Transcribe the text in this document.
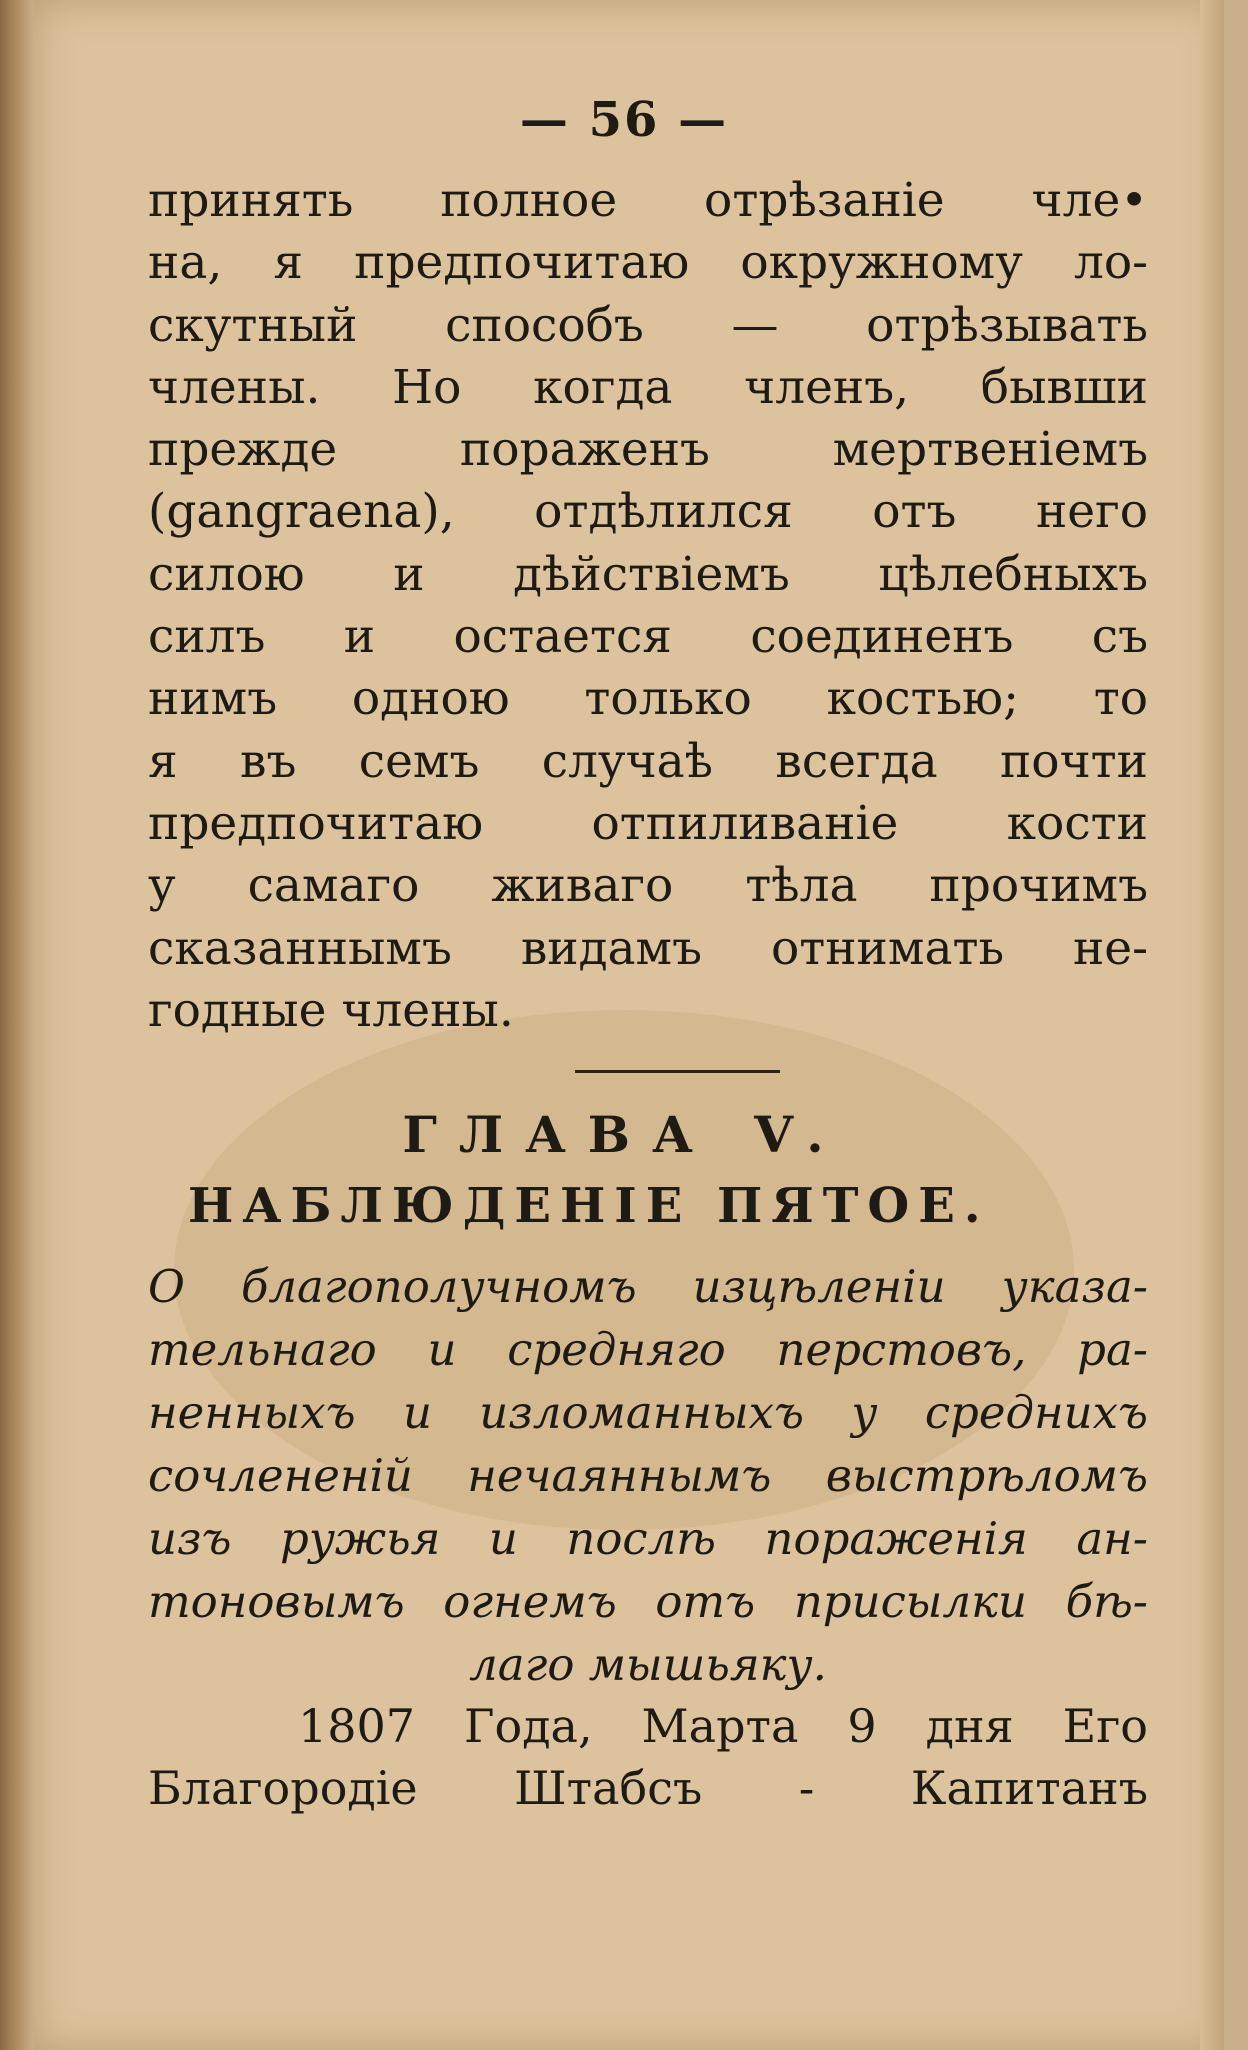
— 56 —
принять полное отрѣзаніе чле•
на, я предпочитаю окружному ло-
скутный способъ — отрѣзывать
члены. Но когда членъ, бывши
прежде пораженъ мертвеніемъ
(gangraena), отдѣлился отъ него
силою и дѣйствіемъ цѣлебныхъ
силъ и остается соединенъ съ
нимъ одною только костью; то
я въ семъ случаѣ всегда почти
предпочитаю отпиливаніе кости
у самаго живаго тѣла прочимъ
сказаннымъ видамъ отнимать не-
годные члены.
ГЛАВА V.
НАБЛЮДЕНІЕ ПЯТОЕ.
О благополучномъ изцѣленіи указа-
тельнаго и средняго перстовъ, ра-
ненныхъ и изломанныхъ у среднихъ
сочлененій нечаяннымъ выстрѣломъ
изъ ружья и послѣ пораженія ан-
тоновымъ огнемъ отъ присылки бѣ-
лаго мышьяку.
1807 Года, Марта 9 дня Его
Благородіе Штабсъ - Капитанъ
